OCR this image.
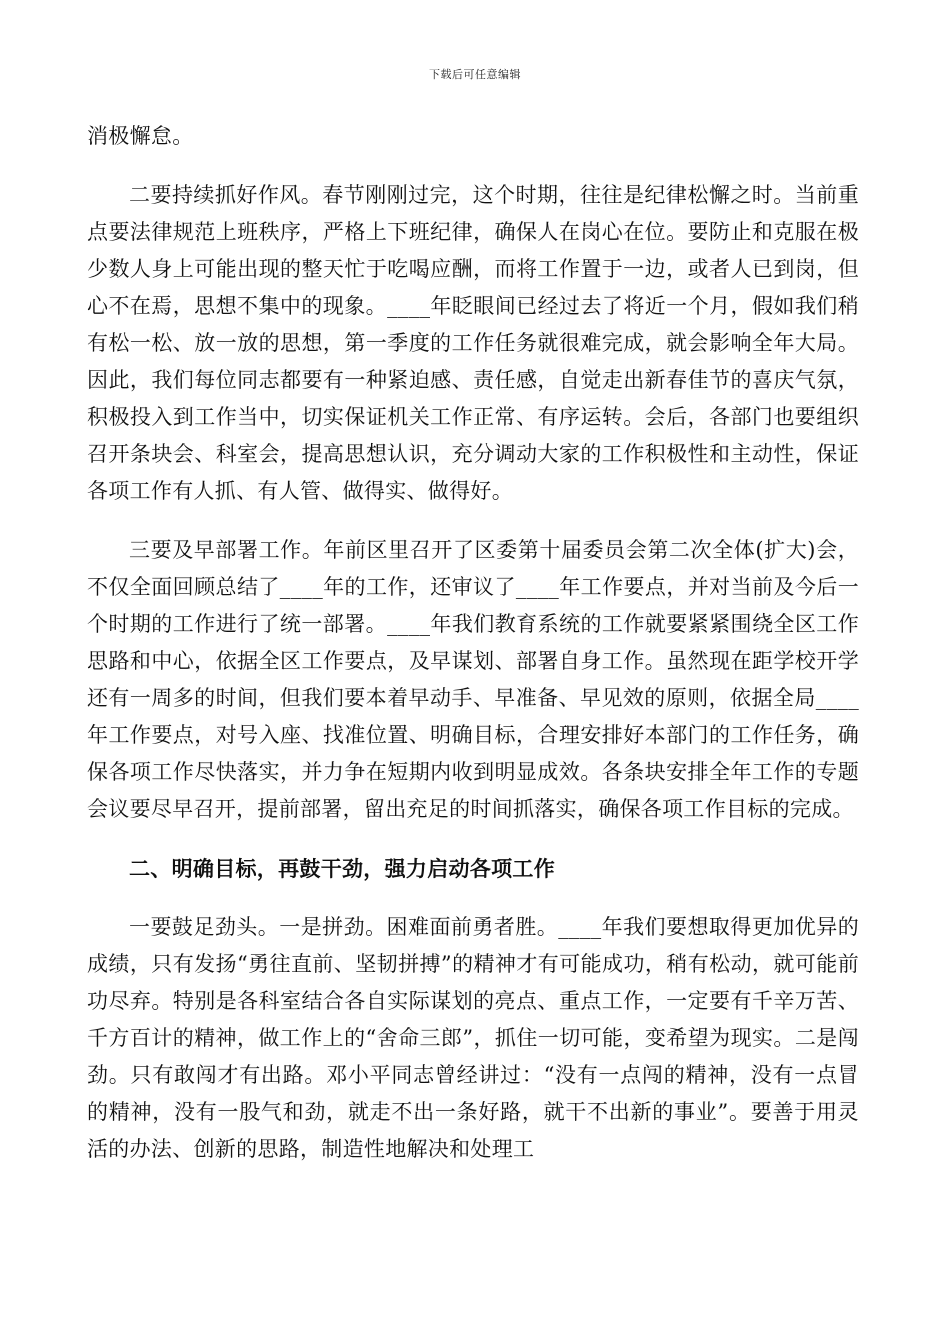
下载后可任意编辑

消极懈怠。

二要持续抓好作风。春节刚刚过完，这个时期，往往是纪律松懈之时。当前重点要法律规范上班秩序，严格上下班纪律，确保人在岗心在位。要防止和克服在极少数人身上可能出现的整天忙于吃喝应酬，而将工作置于一边，或者人已到岗，但心不在焉，思想不集中的现象。____年眨眼间已经过去了将近一个月，假如我们稍有松一松、放一放的思想，第一季度的工作任务就很难完成，就会影响全年大局。因此，我们每位同志都要有一种紧迫感、责任感，自觉走出新春佳节的喜庆气氛，积极投入到工作当中，切实保证机关工作正常、有序运转。会后，各部门也要组织召开条块会、科室会，提高思想认识，充分调动大家的工作积极性和主动性，保证各项工作有人抓、有人管、做得实、做得好。

三要及早部署工作。年前区里召开了区委第十届委员会第二次全体(扩大)会，不仅全面回顾总结了____年的工作，还审议了____年工作要点，并对当前及今后一个时期的工作进行了统一部署。____年我们教育系统的工作就要紧紧围绕全区工作思路和中心，依据全区工作要点，及早谋划、部署自身工作。虽然现在距学校开学还有一周多的时间，但我们要本着早动手、早准备、早见效的原则，依据全局____年工作要点，对号入座、找准位置、明确目标，合理安排好本部门的工作任务，确保各项工作尽快落实，并力争在短期内收到明显成效。各条块安排全年工作的专题会议要尽早召开，提前部署，留出充足的时间抓落实，确保各项工作目标的完成。

二、明确目标，再鼓干劲，强力启动各项工作

一要鼓足劲头。一是拼劲。困难面前勇者胜。____年我们要想取得更加优异的成绩，只有发扬“勇往直前、坚韧拼搏”的精神才有可能成功，稍有松动，就可能前功尽弃。特别是各科室结合各自实际谋划的亮点、重点工作，一定要有千辛万苦、千方百计的精神，做工作上的“舍命三郎”，抓住一切可能，变希望为现实。二是闯劲。只有敢闯才有出路。邓小平同志曾经讲过：“没有一点闯的精神，没有一点冒的精神，没有一股气和劲，就走不出一条好路，就干不出新的事业”。要善于用灵活的办法、创新的思路，制造性地解决和处理工
